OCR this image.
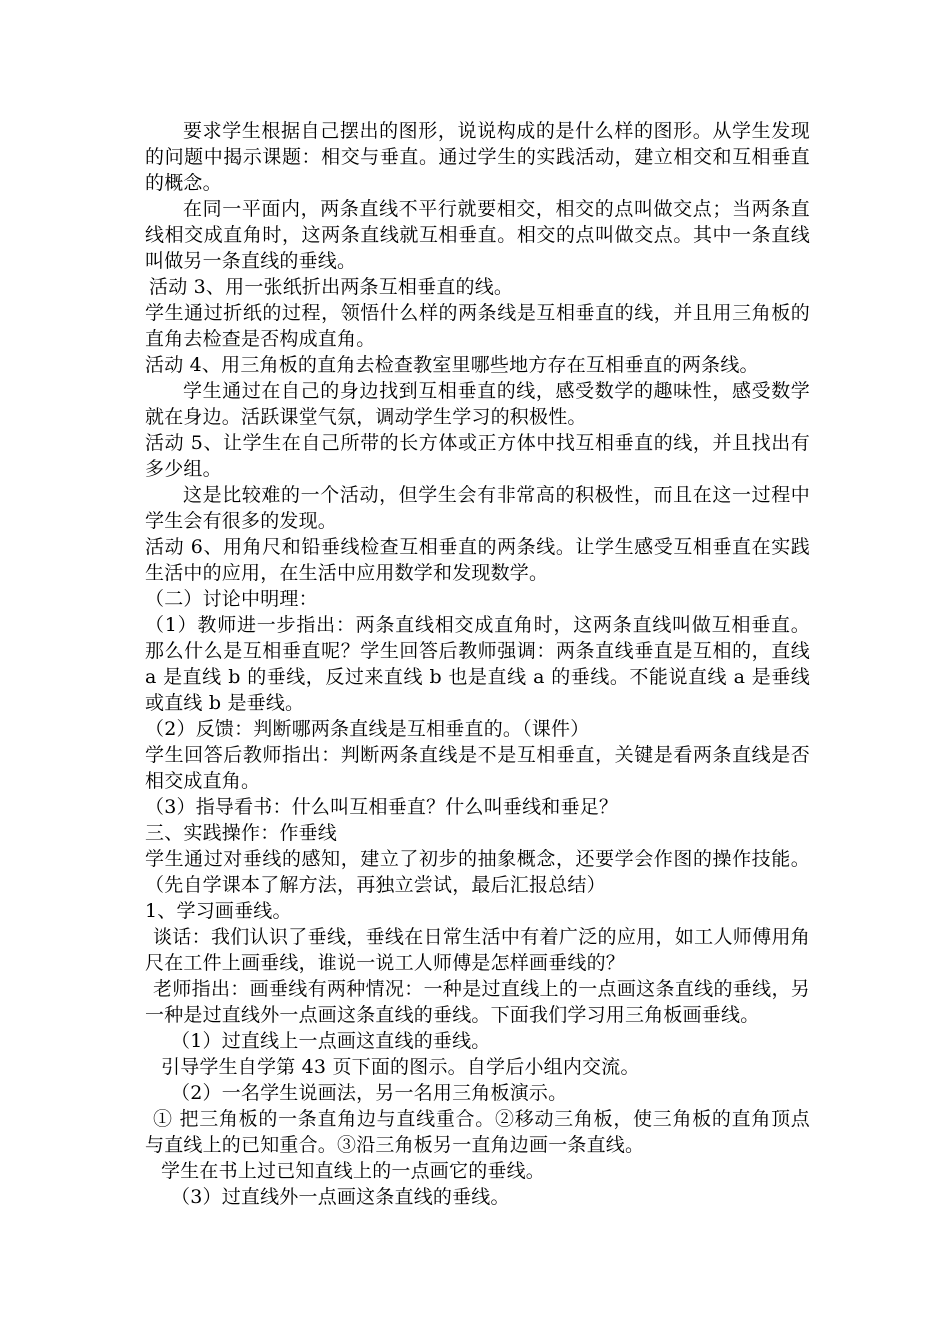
要求学生根据自己摆出的图形，说说构成的是什么样的图形。从学生发现的问题中揭示课题：相交与垂直。通过学生的实践活动，建立相交和互相垂直的概念。

在同一平面内，两条直线不平行就要相交，相交的点叫做交点；当两条直线相交成直角时，这两条直线就互相垂直。相交的点叫做交点。其中一条直线叫做另一条直线的垂线。

活动 3、用一张纸折出两条互相垂直的线。

学生通过折纸的过程，领悟什么样的两条线是互相垂直的线，并且用三角板的直角去检查是否构成直角。

活动 4、用三角板的直角去检查教室里哪些地方存在互相垂直的两条线。

学生通过在自己的身边找到互相垂直的线，感受数学的趣味性，感受数学就在身边。活跃课堂气氛，调动学生学习的积极性。

活动 5、让学生在自己所带的长方体或正方体中找互相垂直的线，并且找出有多少组。

这是比较难的一个活动，但学生会有非常高的积极性，而且在这一过程中学生会有很多的发现。

活动 6、用角尺和铅垂线检查互相垂直的两条线。让学生感受互相垂直在实践生活中的应用，在生活中应用数学和发现数学。

（二）讨论中明理：

（1）教师进一步指出：两条直线相交成直角时，这两条直线叫做互相垂直。那么什么是互相垂直呢？学生回答后教师强调：两条直线垂直是互相的，直线 a 是直线 b 的垂线，反过来直线 b 也是直线 a 的垂线。不能说直线 a 是垂线或直线 b 是垂线。

（2）反馈：判断哪两条直线是互相垂直的。（课件）

学生回答后教师指出：判断两条直线是不是互相垂直，关键是看两条直线是否相交成直角。

（3）指导看书：什么叫互相垂直？什么叫垂线和垂足？

三、实践操作：作垂线

学生通过对垂线的感知，建立了初步的抽象概念，还要学会作图的操作技能。（先自学课本了解方法，再独立尝试，最后汇报总结）

1、学习画垂线。

谈话：我们认识了垂线，垂线在日常生活中有着广泛的应用，如工人师傅用角尺在工件上画垂线，谁说一说工人师傅是怎样画垂线的？

老师指出：画垂线有两种情况：一种是过直线上的一点画这条直线的垂线，另一种是过直线外一点画这条直线的垂线。下面我们学习用三角板画垂线。

（1）过直线上一点画这直线的垂线。

引导学生自学第 43 页下面的图示。自学后小组内交流。

（2）一名学生说画法，另一名用三角板演示。

① 把三角板的一条直角边与直线重合。②移动三角板，使三角板的直角顶点与直线上的已知重合。③沿三角板另一直角边画一条直线。

学生在书上过已知直线上的一点画它的垂线。

（3）过直线外一点画这条直线的垂线。
